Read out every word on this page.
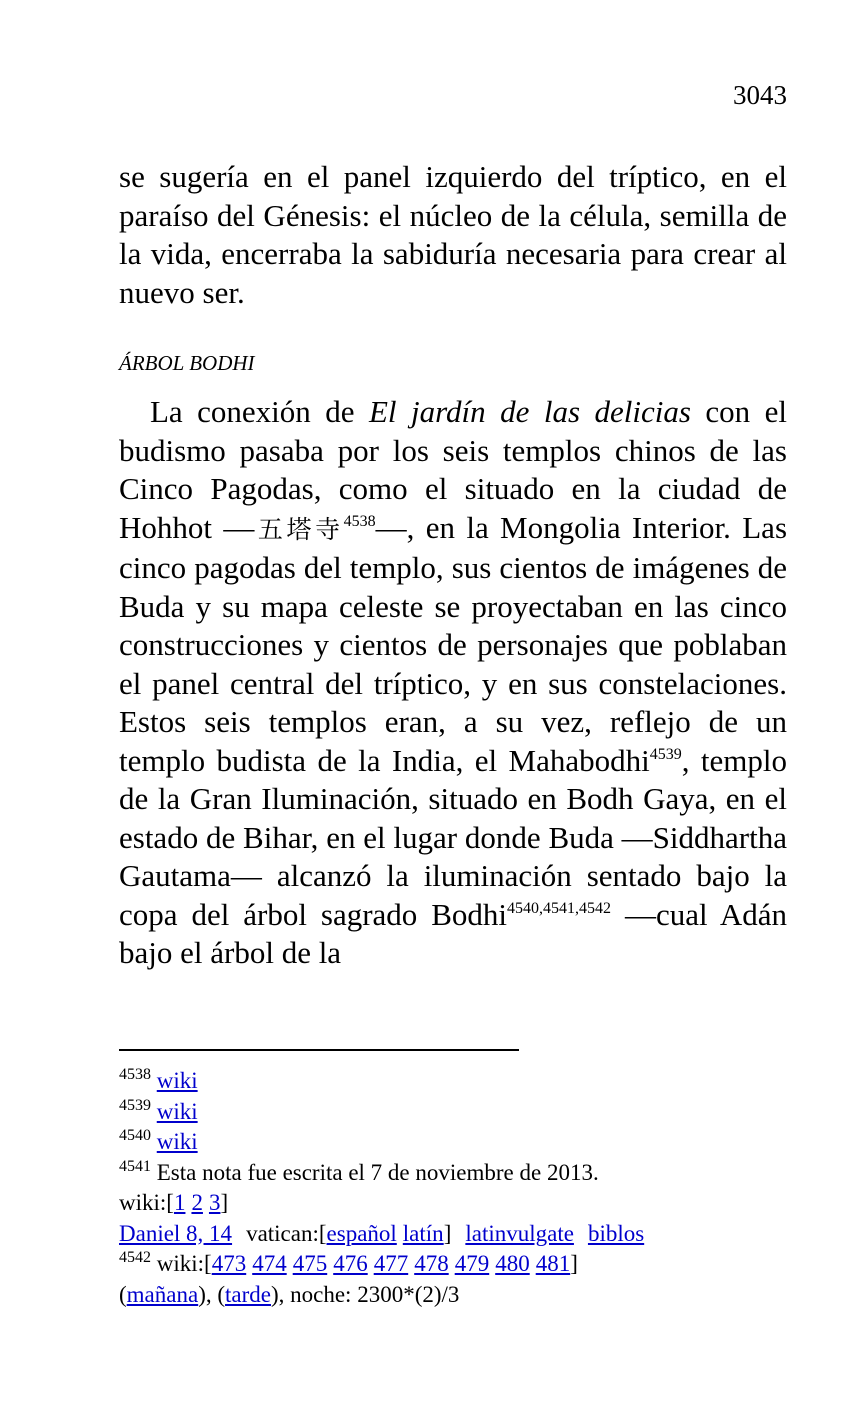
3043

se sugería en el panel izquierdo del tríptico, en el paraíso del Génesis: el núcleo de la célula, semilla de la vida, encerraba la sabiduría necesaria para crear al nuevo ser.

ÁRBOL BODHI

La conexión de El jardín de las delicias con el budismo pasaba por los seis templos chinos de las Cinco Pagodas, como el situado en la ciudad de Hohhot —五塔寺$^{4538}$—, en la Mongolia Interior. Las cinco pagodas del templo, sus cientos de imágenes de Buda y su mapa celeste se proyectaban en las cinco construcciones y cientos de personajes que poblaban el panel central del tríptico, y en sus constelaciones. Estos seis templos eran, a su vez, reflejo de un templo budista de la India, el Mahabodhi$^{4539}$, templo de la Gran Iluminación, situado en Bodh Gaya, en el estado de Bihar, en el lugar donde Buda —Siddhartha Gautama— alcanzó la iluminación sentado bajo la copa del árbol sagrado Bodhi$^{4540,4541,4542}$ —cual Adán bajo el árbol de la

$^{4538}$ wiki
$^{4539}$ wiki
$^{4540}$ wiki
$^{4541}$ Esta nota fue escrita el 7 de noviembre de 2013.
wiki:[1 2 3]
Daniel 8, 14 vatican:[español latín] latinvulgate biblos
$^{4542}$ wiki:[473 474 475 476 477 478 479 480 481]
(mañana), (tarde), noche: 2300*(2)/3
